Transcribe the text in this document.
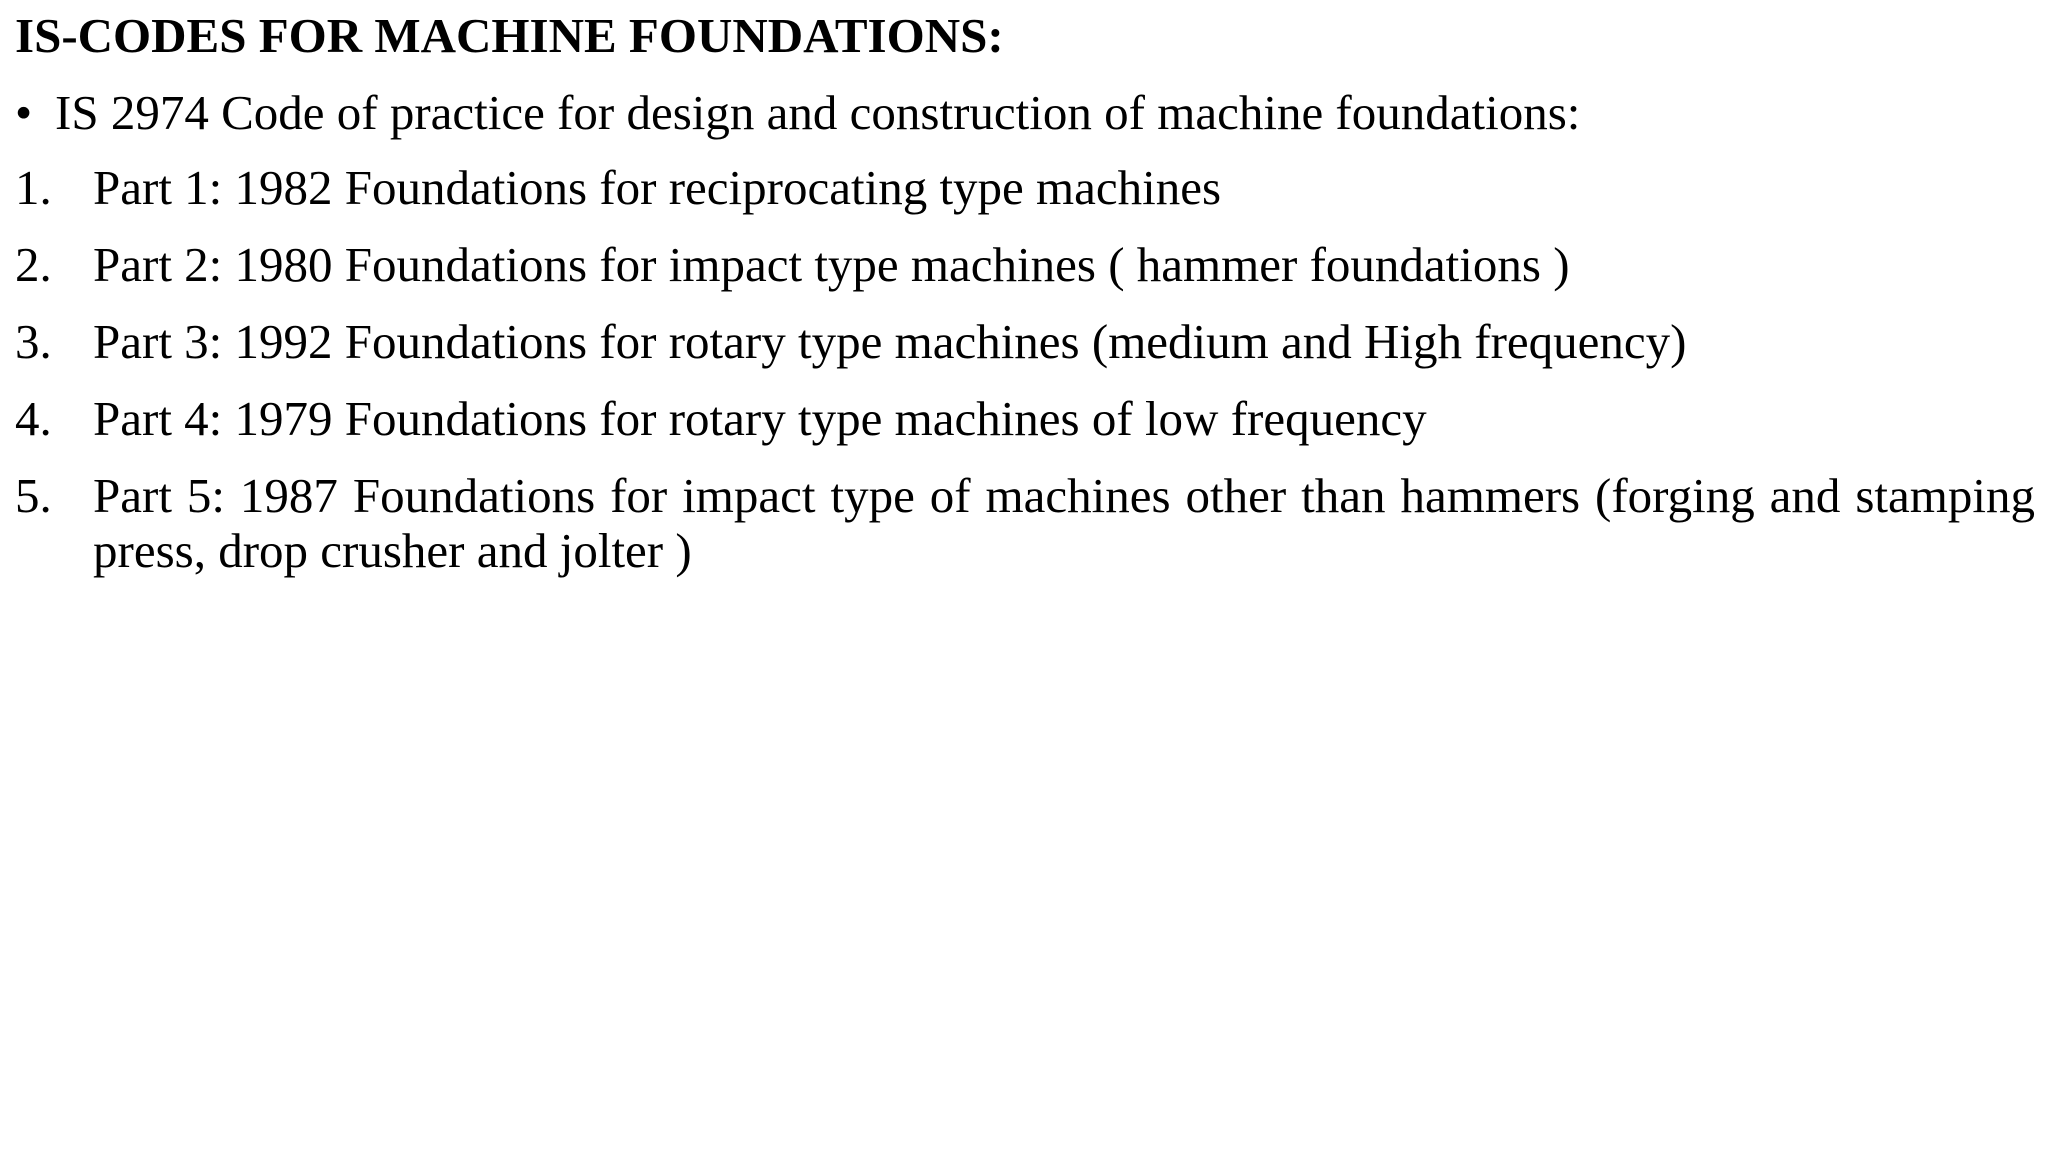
IS-CODES FOR MACHINE FOUNDATIONS:
• IS 2974 Code of practice for design and construction of machine foundations:
1. Part 1: 1982 Foundations for reciprocating type machines
2. Part 2: 1980 Foundations for impact type machines ( hammer foundations )
3. Part 3: 1992 Foundations for rotary type machines (medium and High frequency)
4. Part 4: 1979 Foundations for rotary type machines of low frequency
5. Part 5: 1987 Foundations for impact type of machines other than hammers (forging and stamping press, drop crusher and jolter )
